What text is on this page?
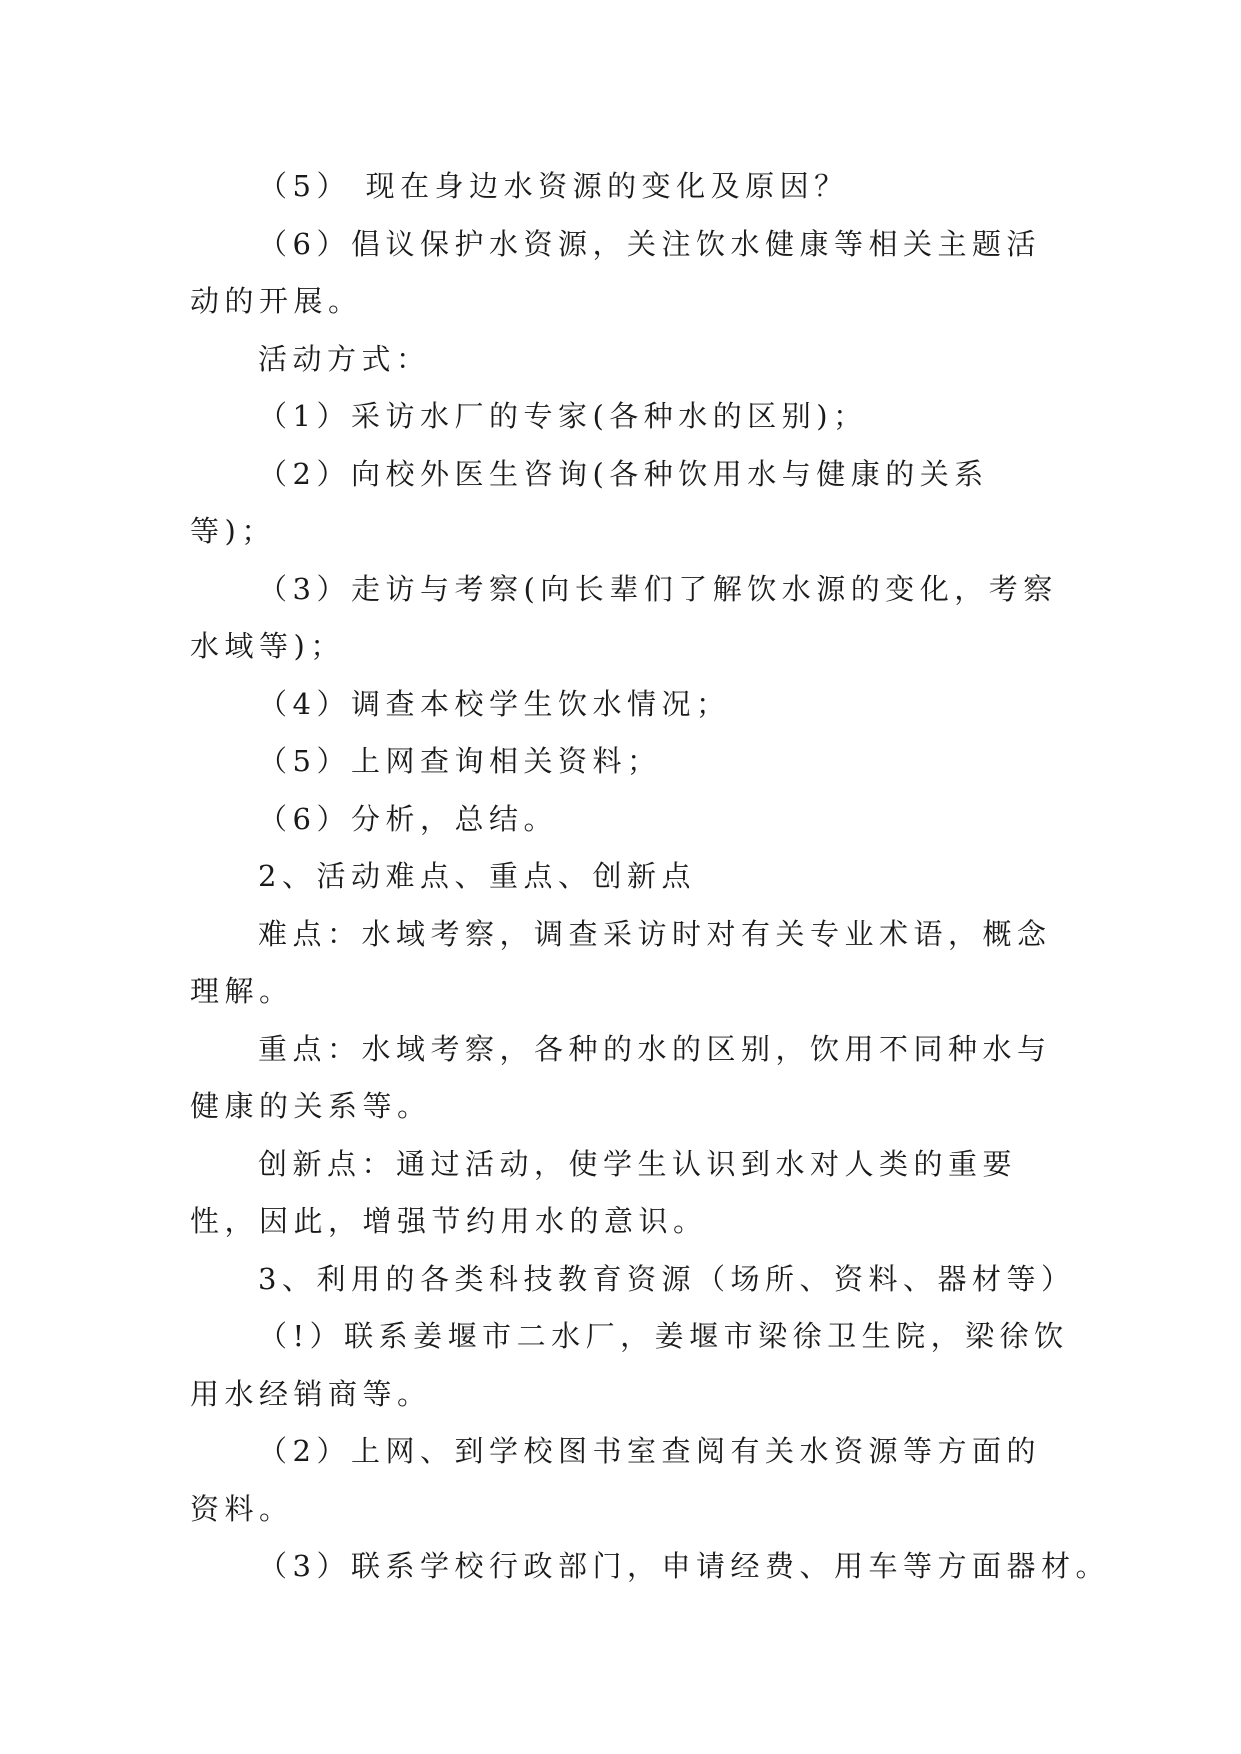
（5） 现在身边水资源的变化及原因？

（6）倡议保护水资源，关注饮水健康等相关主题活动的开展。

活动方式：

（1）采访水厂的专家(各种水的区别)；

（2）向校外医生咨询(各种饮用水与健康的关系等)；

（3）走访与考察(向长辈们了解饮水源的变化，考察水域等)；

（4）调查本校学生饮水情况；

（5）上网查询相关资料；

（6）分析，总结。

2、活动难点、重点、创新点

难点：水域考察，调查采访时对有关专业术语，概念理解。

重点：水域考察，各种的水的区别，饮用不同种水与健康的关系等。

创新点：通过活动，使学生认识到水对人类的重要性，因此，增强节约用水的意识。

3、利用的各类科技教育资源（场所、资料、器材等）

（!）联系姜堰市二水厂，姜堰市梁徐卫生院，梁徐饮用水经销商等。

（2）上网、到学校图书室查阅有关水资源等方面的资料。

（3）联系学校行政部门，申请经费、用车等方面器材。
